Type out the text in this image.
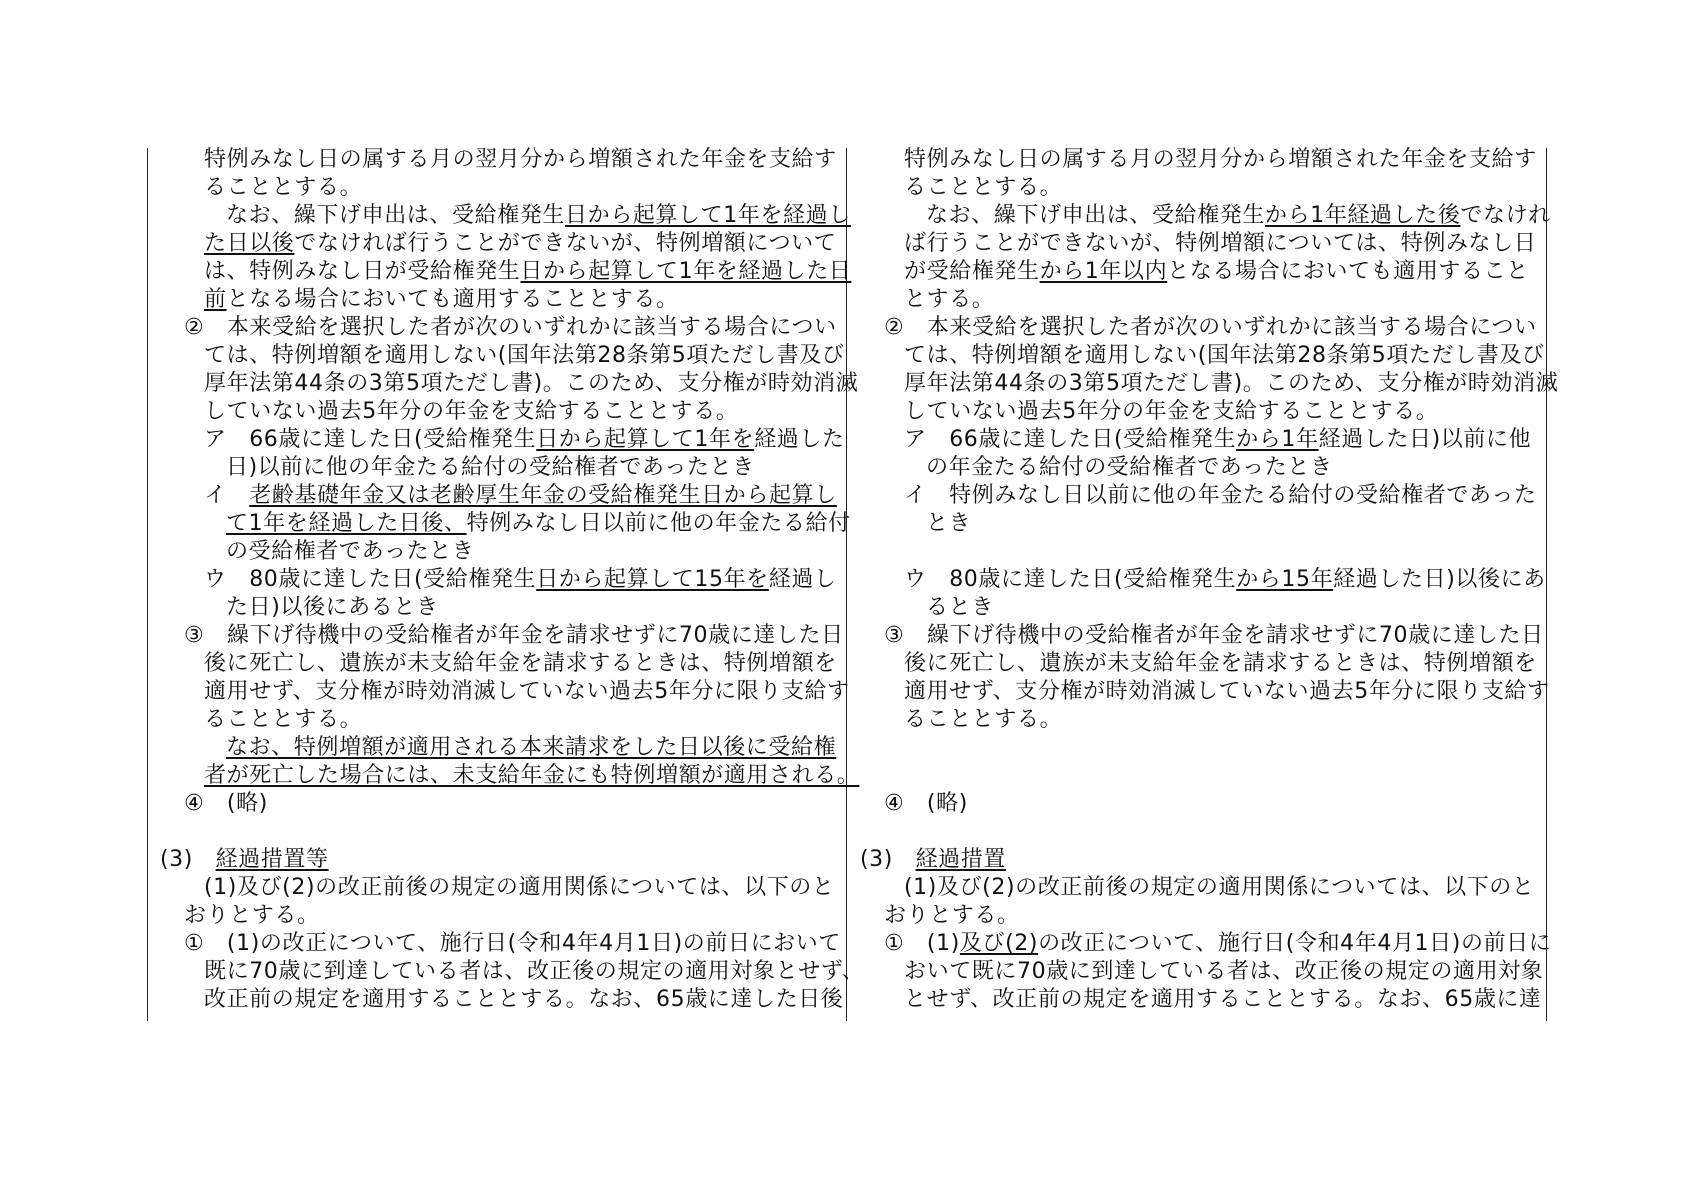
特例みなし日の属する月の翌月分から増額された年金を支給す
ることとする。
なお、繰下げ申出は、受給権発生日から起算して1年を経過し
た日以後でなければ行うことができないが、特例増額について
は、特例みなし日が受給権発生日から起算して1年を経過した日
前となる場合においても適用することとする。
②　本来受給を選択した者が次のいずれかに該当する場合につい
ては、特例増額を適用しない(国年法第28条第5項ただし書及び
厚年法第44条の3第5項ただし書)。このため、支分権が時効消滅
していない過去5年分の年金を支給することとする。
ア　66歳に達した日(受給権発生日から起算して1年を経過した
日)以前に他の年金たる給付の受給権者であったとき
イ　老齢基礎年金又は老齢厚生年金の受給権発生日から起算し
て1年を経過した日後、特例みなし日以前に他の年金たる給付
の受給権者であったとき
ウ　80歳に達した日(受給権発生日から起算して15年を経過し
た日)以後にあるとき
③　繰下げ待機中の受給権者が年金を請求せずに70歳に達した日
後に死亡し、遺族が未支給年金を請求するときは、特例増額を
適用せず、支分権が時効消滅していない過去5年分に限り支給す
ることとする。
なお、特例増額が適用される本来請求をした日以後に受給権
者が死亡した場合には、未支給年金にも特例増額が適用される。
④　(略)
(3)　経過措置等
(1)及び(2)の改正前後の規定の適用関係については、以下のと
おりとする。
①　(1)の改正について、施行日(令和4年4月1日)の前日において
既に70歳に到達している者は、改正後の規定の適用対象とせず、
改正前の規定を適用することとする。なお、65歳に達した日後
特例みなし日の属する月の翌月分から増額された年金を支給す
ることとする。
なお、繰下げ申出は、受給権発生から1年経過した後でなけれ
ば行うことができないが、特例増額については、特例みなし日
が受給権発生から1年以内となる場合においても適用すること
とする。
②　本来受給を選択した者が次のいずれかに該当する場合につい
ては、特例増額を適用しない(国年法第28条第5項ただし書及び
厚年法第44条の3第5項ただし書)。このため、支分権が時効消滅
していない過去5年分の年金を支給することとする。
ア　66歳に達した日(受給権発生から1年経過した日)以前に他
の年金たる給付の受給権者であったとき
イ　特例みなし日以前に他の年金たる給付の受給権者であった
とき
ウ　80歳に達した日(受給権発生から15年経過した日)以後にあ
るとき
③　繰下げ待機中の受給権者が年金を請求せずに70歳に達した日
後に死亡し、遺族が未支給年金を請求するときは、特例増額を
適用せず、支分権が時効消滅していない過去5年分に限り支給す
ることとする。
④　(略)
(3)　経過措置
(1)及び(2)の改正前後の規定の適用関係については、以下のと
おりとする。
①　(1)及び(2)の改正について、施行日(令和4年4月1日)の前日に
おいて既に70歳に到達している者は、改正後の規定の適用対象
とせず、改正前の規定を適用することとする。なお、65歳に達
